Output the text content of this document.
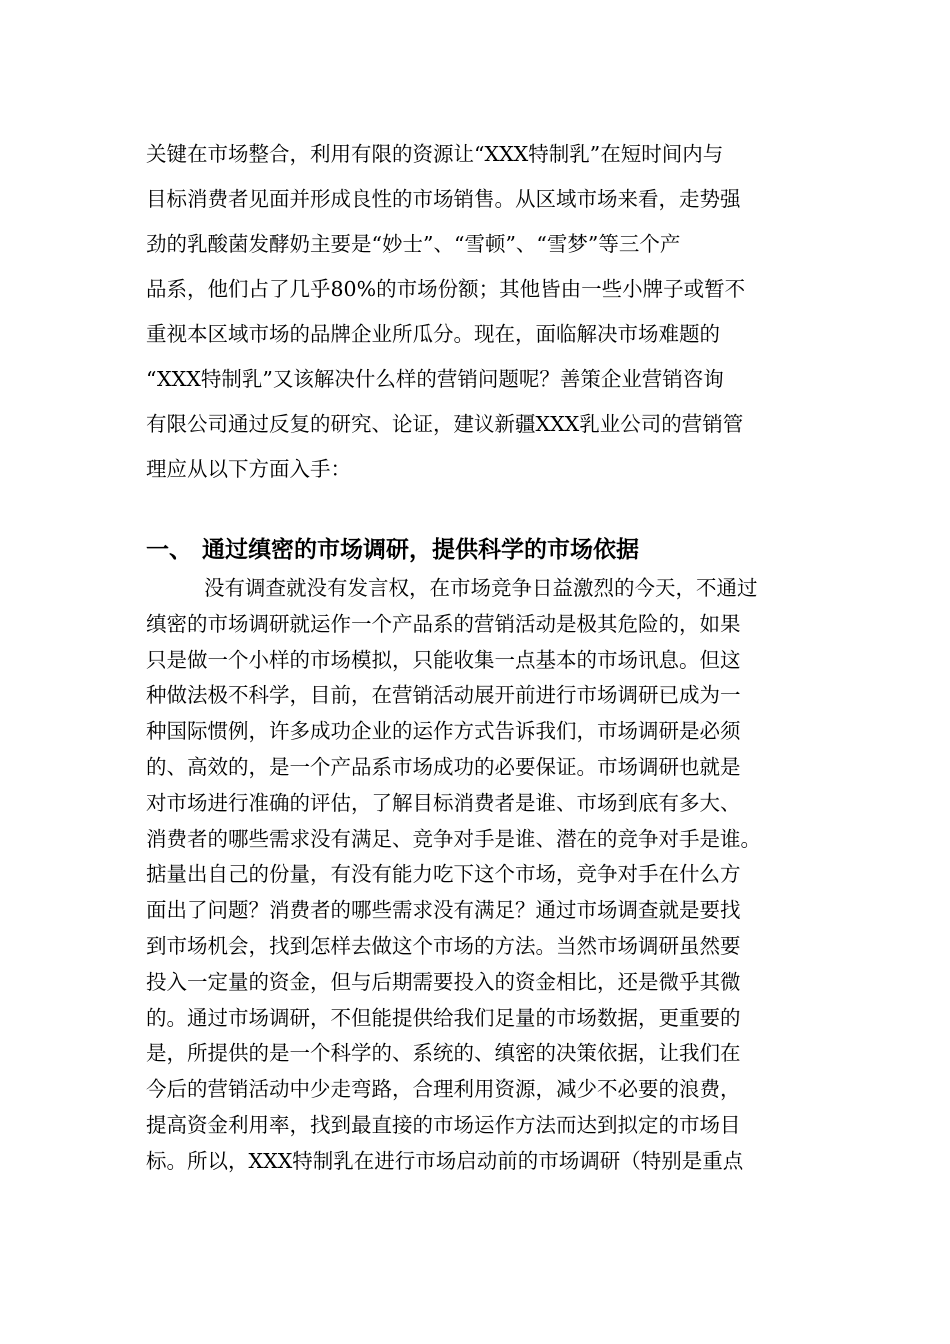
关键在市场整合，利用有限的资源让“XXX特制乳”在短时间内与
目标消费者见面并形成良性的市场销售。从区域市场来看，走势强
劲的乳酸菌发酵奶主要是“妙士”、“雪顿”、“雪梦”等三个产
品系，他们占了几乎80%的市场份额；其他皆由一些小牌子或暂不
重视本区域市场的品牌企业所瓜分。现在，面临解决市场难题的
“XXX特制乳”又该解决什么样的营销问题呢？善策企业营销咨询
有限公司通过反复的研究、论证，建议新疆XXX乳业公司的营销管
理应从以下方面入手：
一、 通过缜密的市场调研，提供科学的市场依据
没有调查就没有发言权，在市场竞争日益激烈的今天，不通过
缜密的市场调研就运作一个产品系的营销活动是极其危险的，如果
只是做一个小样的市场模拟，只能收集一点基本的市场讯息。但这
种做法极不科学，目前，在营销活动展开前进行市场调研已成为一
种国际惯例，许多成功企业的运作方式告诉我们，市场调研是必须
的、高效的，是一个产品系市场成功的必要保证。市场调研也就是
对市场进行准确的评估，了解目标消费者是谁、市场到底有多大、
消费者的哪些需求没有满足、竞争对手是谁、潜在的竞争对手是谁。
掂量出自己的份量，有没有能力吃下这个市场，竞争对手在什么方
面出了问题？消费者的哪些需求没有满足？通过市场调查就是要找
到市场机会，找到怎样去做这个市场的方法。当然市场调研虽然要
投入一定量的资金，但与后期需要投入的资金相比，还是微乎其微
的。通过市场调研，不但能提供给我们足量的市场数据，更重要的
是，所提供的是一个科学的、系统的、缜密的决策依据，让我们在
今后的营销活动中少走弯路，合理利用资源，减少不必要的浪费，
提高资金利用率，找到最直接的市场运作方法而达到拟定的市场目
标。所以，XXX特制乳在进行市场启动前的市场调研（特别是重点
